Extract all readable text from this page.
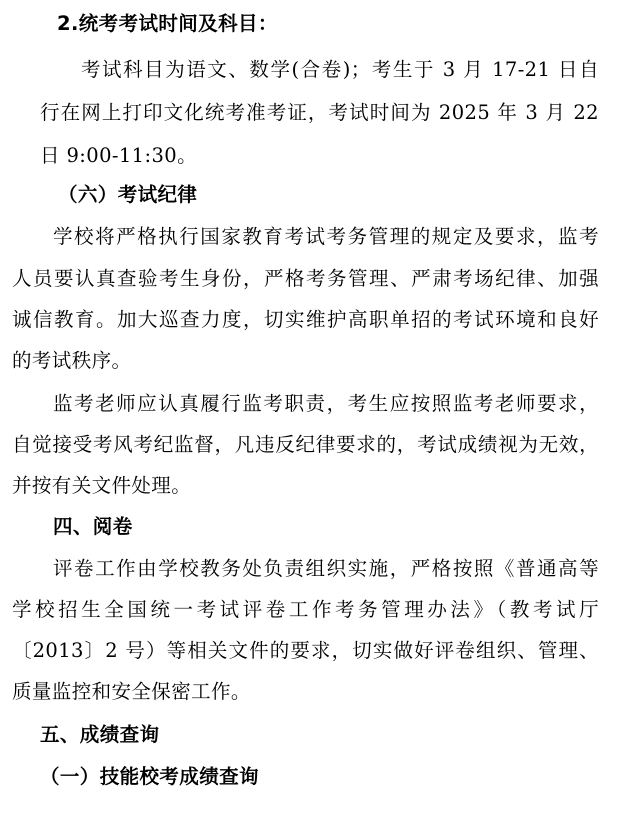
2.统考考试时间及科目：
考试科目为语文、数学(合卷)；考生于 3 月 17-21 日自
行在网上打印文化统考准考证，考试时间为 2025 年 3 月 22
日 9:00-11:30。
（六）考试纪律
学校将严格执行国家教育考试考务管理的规定及要求，监考
人员要认真查验考生身份，严格考务管理、严肃考场纪律、加强
诚信教育。加大巡查力度，切实维护高职单招的考试环境和良好
的考试秩序。
监考老师应认真履行监考职责，考生应按照监考老师要求，
自觉接受考风考纪监督，凡违反纪律要求的，考试成绩视为无效，
并按有关文件处理。
四、阅卷
评卷工作由学校教务处负责组织实施，严格按照《普通高等
学校招生全国统一考试评卷工作考务管理办法》（教考试厅
〔2013〕2 号）等相关文件的要求，切实做好评卷组织、管理、
质量监控和安全保密工作。
五、成绩查询
（一）技能校考成绩查询
